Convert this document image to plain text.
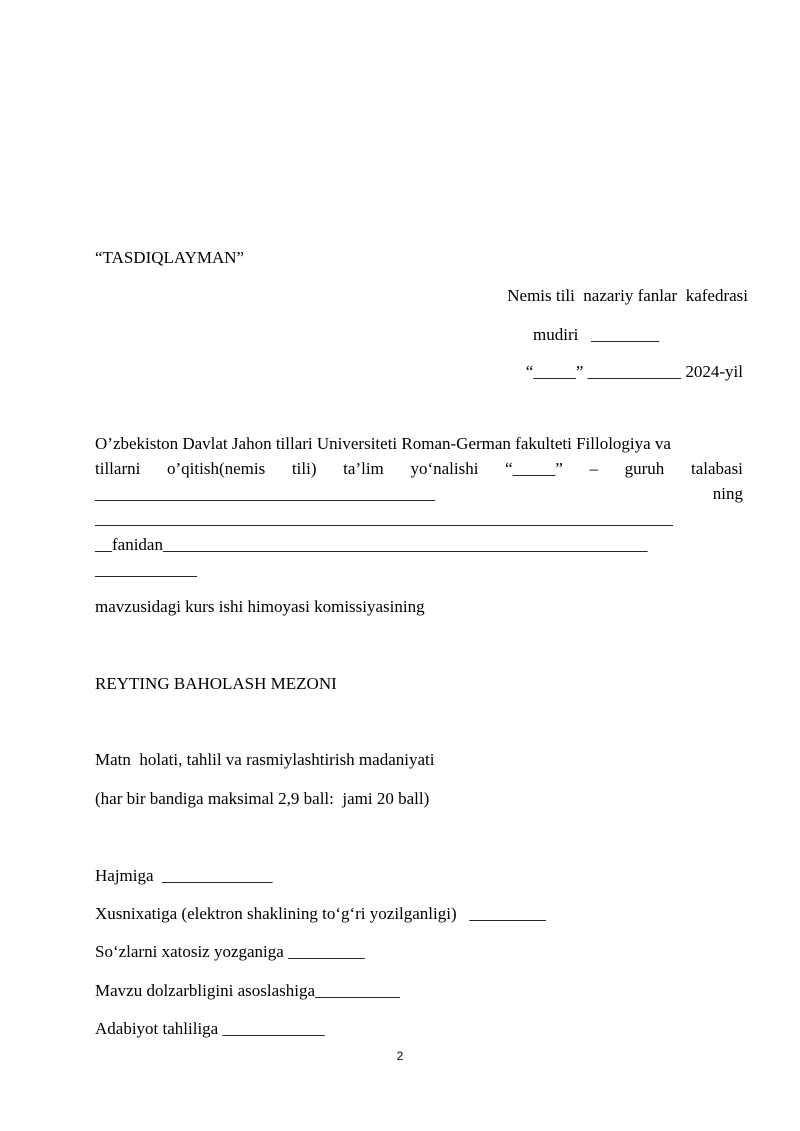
“TASDIQLAYMAN”
Nemis tili  nazariy fanlar  kafedrasi
mudiri   ________
“_____” ___________ 2024-yil
O’zbekiston Davlat Jahon tillari Universiteti Roman-German fakulteti Fillologiya va
tillarni o’qitish(nemis tili) ta’lim yo‘nalishi “_____” – guruh talabasi
________________________________________	ning
____________________________________________________________________
__fanidan_________________________________________________________
____________
mavzusidagi kurs ishi himoyasi komissiyasining
REYTING BAHOLASH MEZONI
Matn  holati, tahlil va rasmiylashtirish madaniyati
(har bir bandiga maksimal 2,9 ball:  jami 20 ball)
Hajmiga  _____________
Xusnixatiga (elektron shaklining to‘g‘ri yozilganligi)   _________
So‘zlarni xatosiz yozganiga _________
Mavzu dolzarbligini asoslashiga__________
Adabiyot tahliliga ____________
2
